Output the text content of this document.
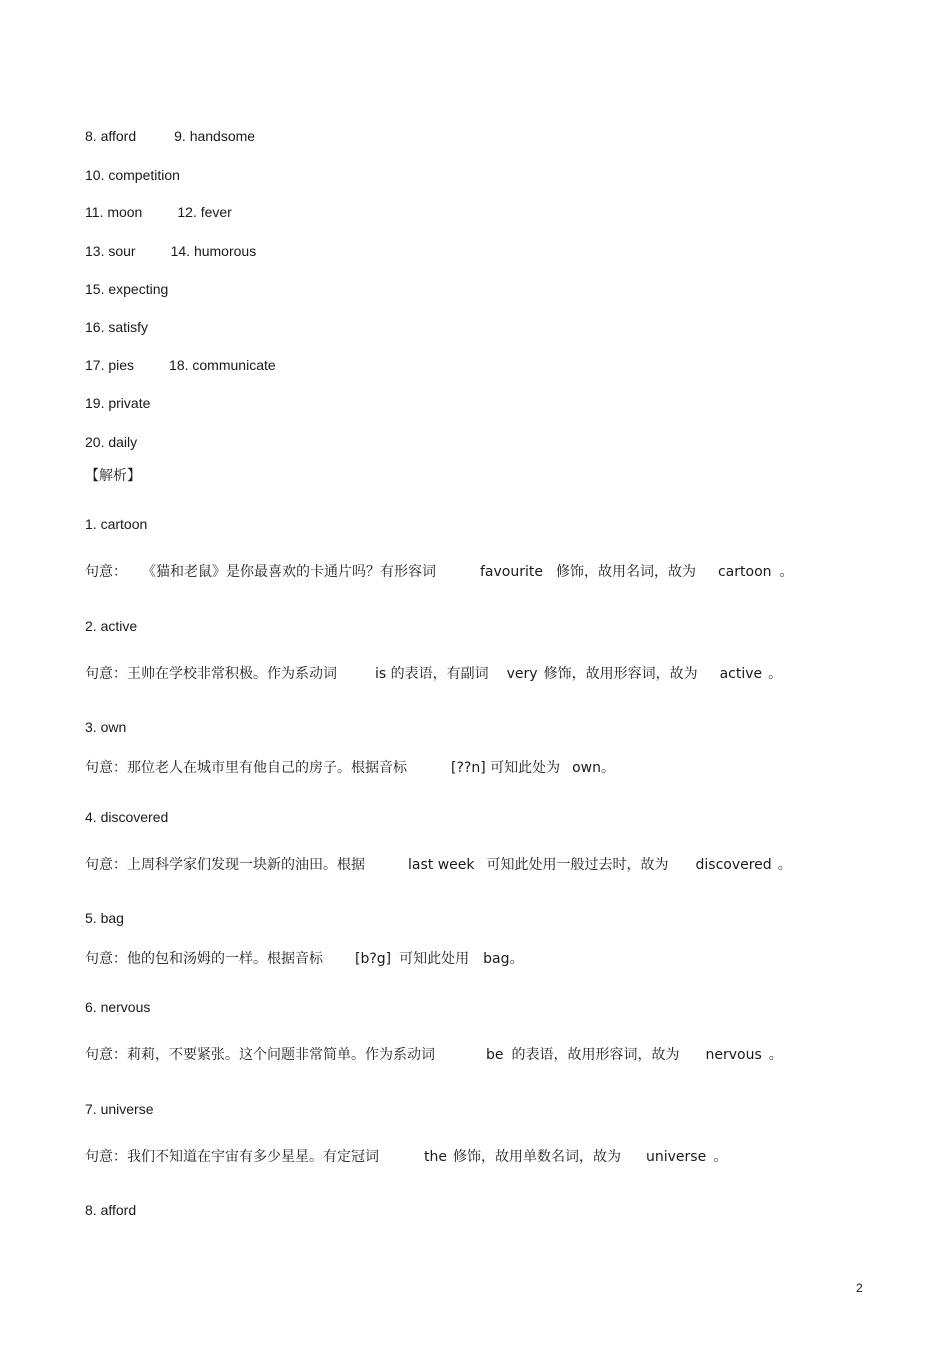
8. afford	9. handsome
10. competition
11. moon	12. fever
13. sour	14. humorous
15. expecting
16. satisfy
17. pies	18. communicate
19. private
20. daily
【解析】
1. cartoon
句意： 《猫和老鼠》是你最喜欢的卡通片吗？有形容词	favourite 修饰，故用名词，故为 cartoon 。
2. active
句意：王帅在学校非常积极。作为系动词	is 的表语，有副词 very 修饰，故用形容词，故为 active 。
3. own
句意：那位老人在城市里有他自己的房子。根据音标	[??n] 可知此处为 own。
4. discovered
句意：上周科学家们发现一块新的油田。根据	last week 可知此处用一般过去时，故为 discovered 。
5. bag
句意：他的包和汤姆的一样。根据音标 [b?g] 可知此处用 bag。
6. nervous
句意：莉莉，不要紧张。这个问题非常简单。作为系动词	be 的表语，故用形容词，故为 nervous 。
7. universe
句意：我们不知道在宇宙有多少星星。有定冠词	the 修饰，故用单数名词，故为 universe 。
8. afford
2
